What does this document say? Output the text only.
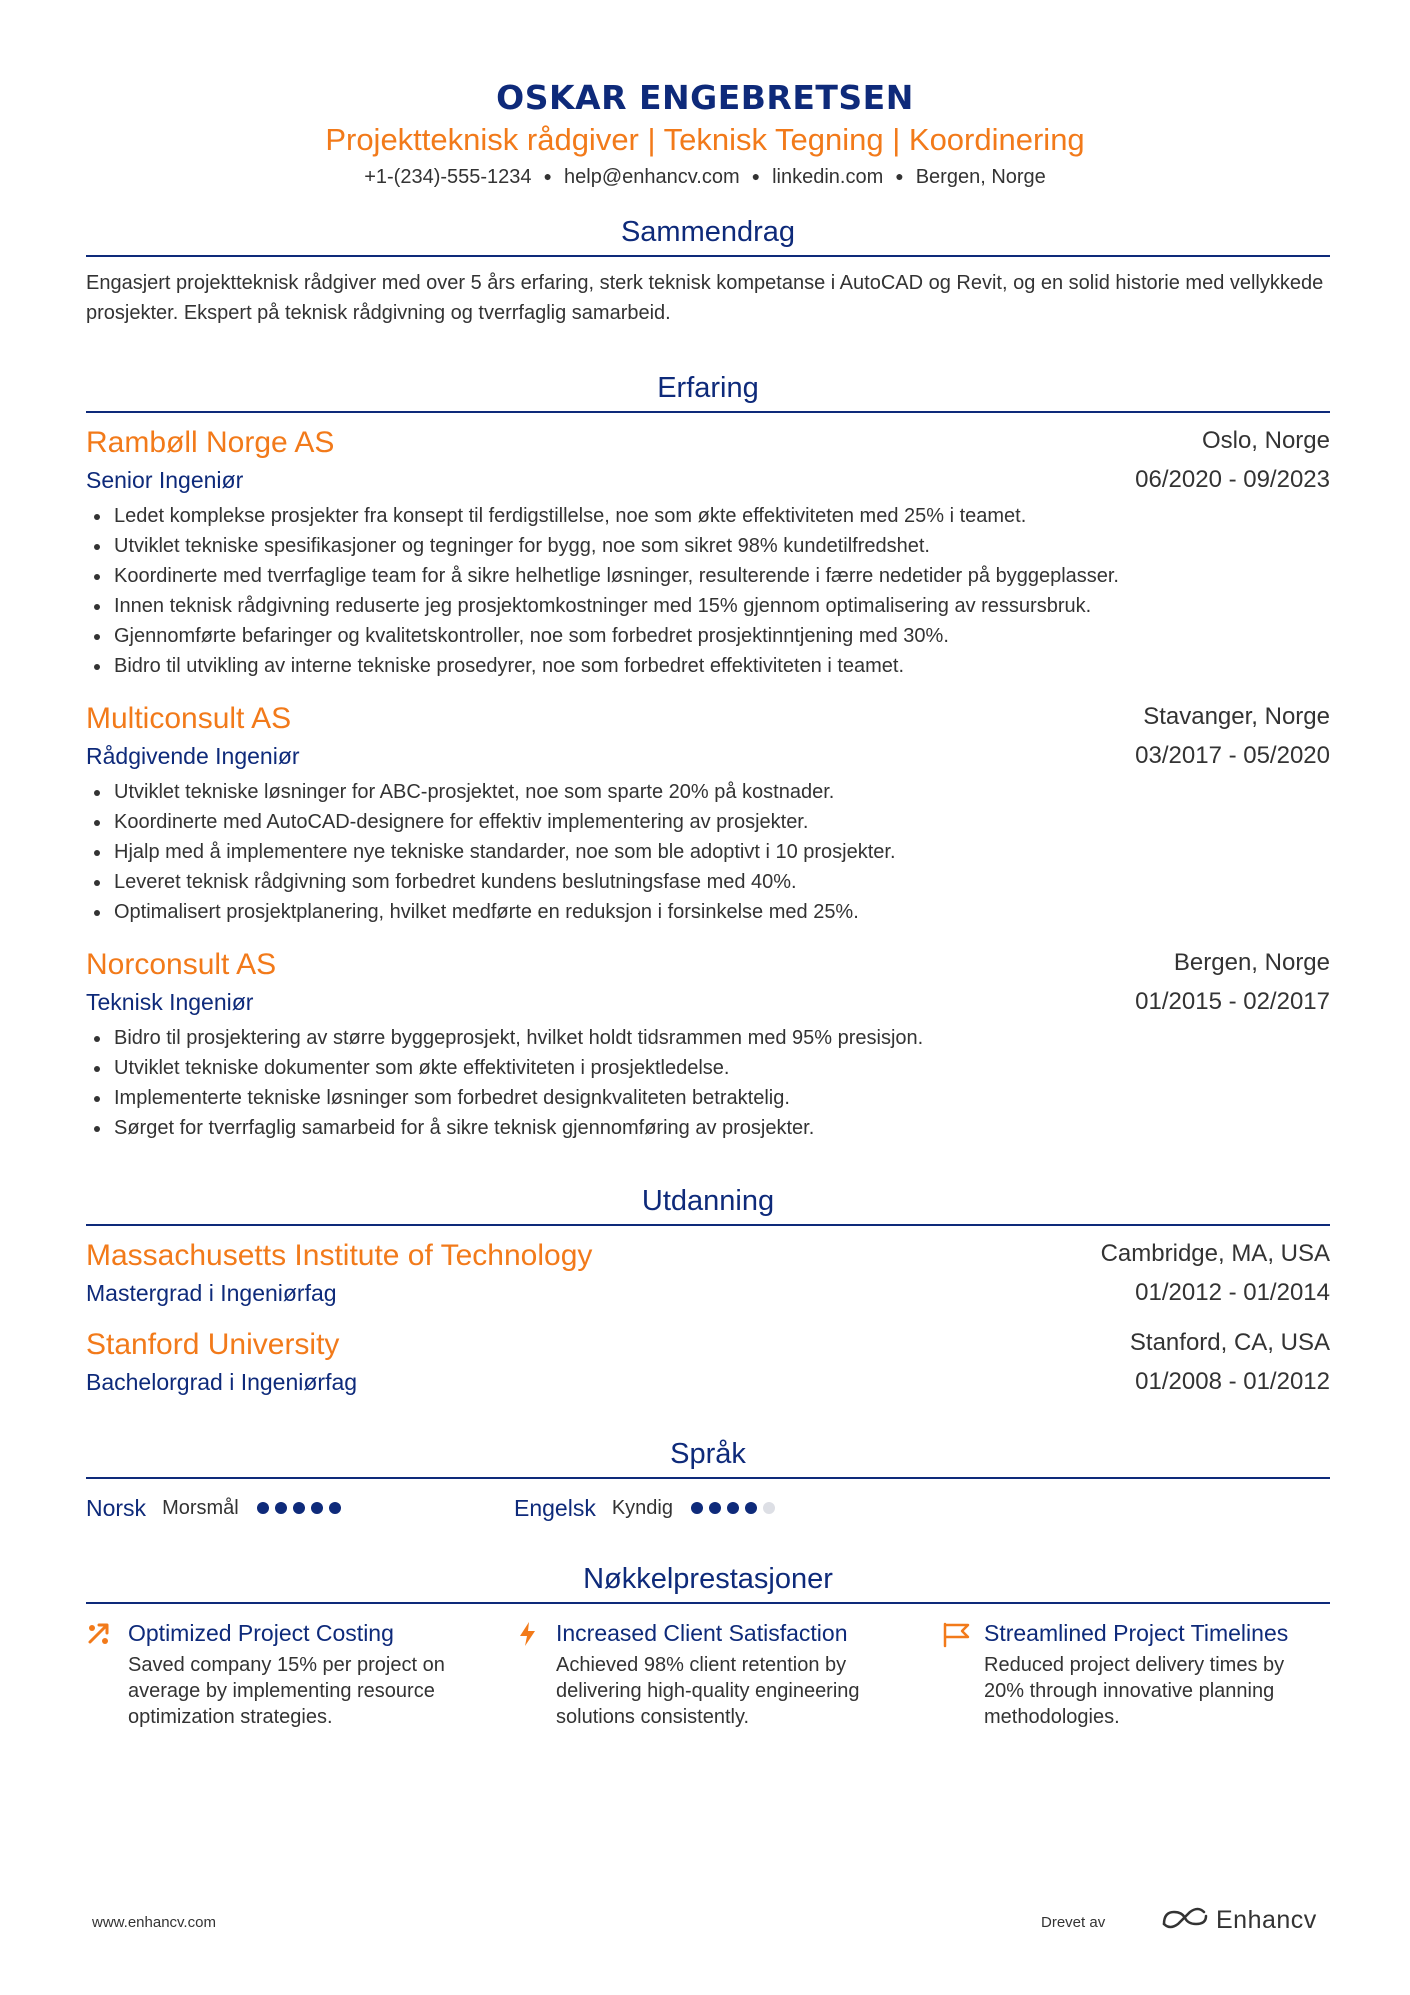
OSKAR ENGEBRETSEN
Projektteknisk rådgiver | Teknisk Tegning | Koordinering
+1-(234)-555-1234 ● help@enhancv.com ● linkedin.com ● Bergen, Norge
Sammendrag
Engasjert projektteknisk rådgiver med over 5 års erfaring, sterk teknisk kompetanse i AutoCAD og Revit, og en solid historie med vellykkede prosjekter. Ekspert på teknisk rådgivning og tverrfaglig samarbeid.
Erfaring
Rambøll Norge AS	Oslo, Norge
Senior Ingeniør	06/2020 - 09/2023
Ledet komplekse prosjekter fra konsept til ferdigstillelse, noe som økte effektiviteten med 25% i teamet.
Utviklet tekniske spesifikasjoner og tegninger for bygg, noe som sikret 98% kundetilfredshet.
Koordinerte med tverrfaglige team for å sikre helhetlige løsninger, resulterende i færre nedetider på byggeplasser.
Innen teknisk rådgivning reduserte jeg prosjektomkostninger med 15% gjennom optimalisering av ressursbruk.
Gjennomførte befaringer og kvalitetskontroller, noe som forbedret prosjektinntjening med 30%.
Bidro til utvikling av interne tekniske prosedyrer, noe som forbedret effektiviteten i teamet.
Multiconsult AS	Stavanger, Norge
Rådgivende Ingeniør	03/2017 - 05/2020
Utviklet tekniske løsninger for ABC-prosjektet, noe som sparte 20% på kostnader.
Koordinerte med AutoCAD-designere for effektiv implementering av prosjekter.
Hjalp med å implementere nye tekniske standarder, noe som ble adoptivt i 10 prosjekter.
Leveret teknisk rådgivning som forbedret kundens beslutningsfase med 40%.
Optimalisert prosjektplanering, hvilket medførte en reduksjon i forsinkelse med 25%.
Norconsult AS	Bergen, Norge
Teknisk Ingeniør	01/2015 - 02/2017
Bidro til prosjektering av større byggeprosjekt, hvilket holdt tidsrammen med 95% presisjon.
Utviklet tekniske dokumenter som økte effektiviteten i prosjektledelse.
Implementerte tekniske løsninger som forbedret designkvaliteten betraktelig.
Sørget for tverrfaglig samarbeid for å sikre teknisk gjennomføring av prosjekter.
Utdanning
Massachusetts Institute of Technology	Cambridge, MA, USA
Mastergrad i Ingeniørfag	01/2012 - 01/2014
Stanford University	Stanford, CA, USA
Bachelorgrad i Ingeniørfag	01/2008 - 01/2012
Språk
Norsk Morsmål	Engelsk Kyndig
Nøkkelprestasjoner
Optimized Project Costing
Saved company 15% per project on average by implementing resource optimization strategies.
Increased Client Satisfaction
Achieved 98% client retention by delivering high-quality engineering solutions consistently.
Streamlined Project Timelines
Reduced project delivery times by 20% through innovative planning methodologies.
www.enhancv.com	Drevet av	Enhancv
